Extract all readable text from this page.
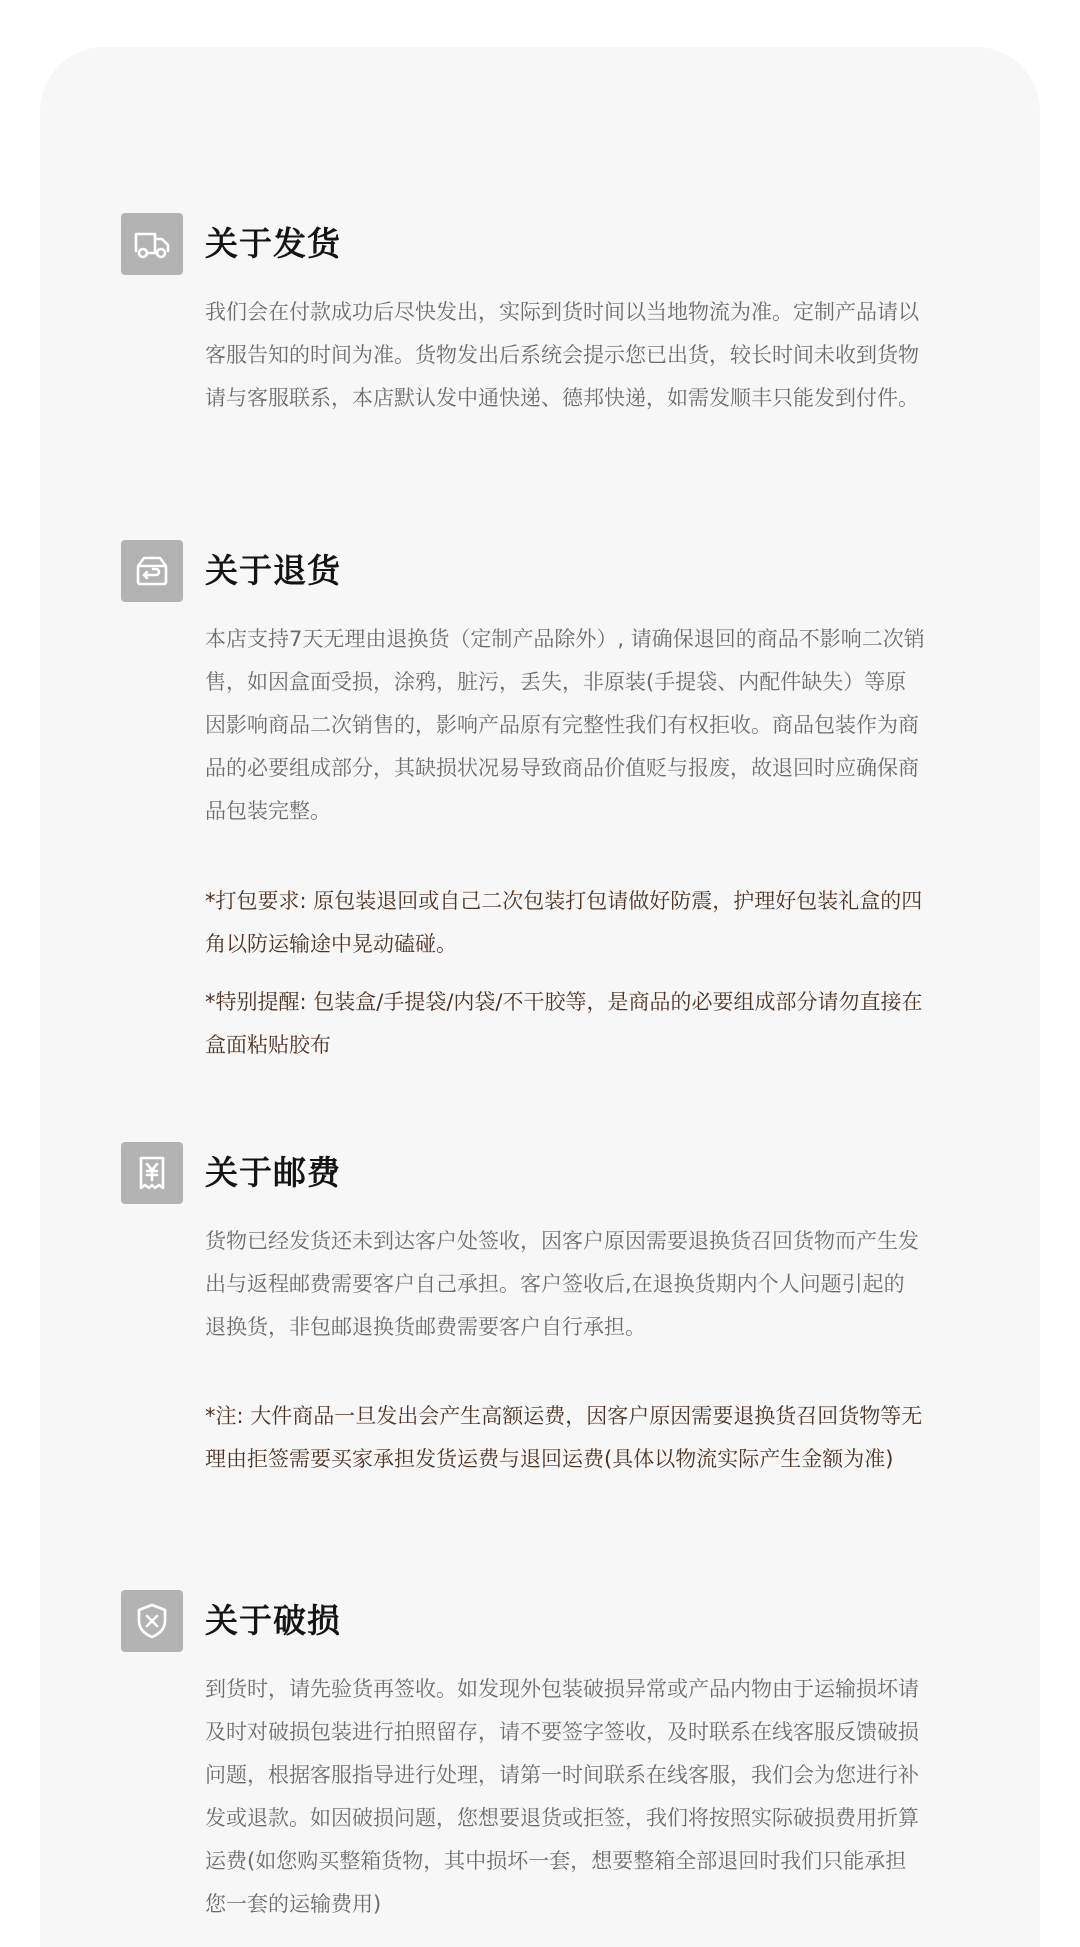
关于发货

我们会在付款成功后尽快发出，实际到货时间以当地物流为准。定制产品请以客服告知的时间为准。货物发出后系统会提示您已出货，较长时间未收到货物请与客服联系，本店默认发中通快递、德邦快递，如需发顺丰只能发到付件。

关于退货

本店支持7天无理由退换货（定制产品除外）, 请确保退回的商品不影响二次销售，如因盒面受损，涂鸦，脏污，丢失，非原装(手提袋、内配件缺失）等原因影响商品二次销售的，影响产品原有完整性我们有权拒收。商品包装作为商品的必要组成部分，其缺损状况易导致商品价值贬与报废，故退回时应确保商品包装完整。

*打包要求: 原包装退回或自己二次包装打包请做好防震，护理好包装礼盒的四角以防运输途中晃动磕碰。

*特别提醒: 包装盒/手提袋/内袋/不干胶等，是商品的必要组成部分请勿直接在盒面粘贴胶布

关于邮费

货物已经发货还未到达客户处签收，因客户原因需要退换货召回货物而产生发出与返程邮费需要客户自己承担。客户签收后,在退换货期内个人问题引起的退换货，非包邮退换货邮费需要客户自行承担。

*注: 大件商品一旦发出会产生高额运费，因客户原因需要退换货召回货物等无理由拒签需要买家承担发货运费与退回运费(具体以物流实际产生金额为准)

关于破损

到货时，请先验货再签收。如发现外包装破损异常或产品内物由于运输损坏请及时对破损包装进行拍照留存，请不要签字签收，及时联系在线客服反馈破损问题，根据客服指导进行处理，请第一时间联系在线客服，我们会为您进行补发或退款。如因破损问题，您想要退货或拒签，我们将按照实际破损费用折算运费(如您购买整箱货物，其中损坏一套，想要整箱全部退回时我们只能承担您一套的运输费用)
